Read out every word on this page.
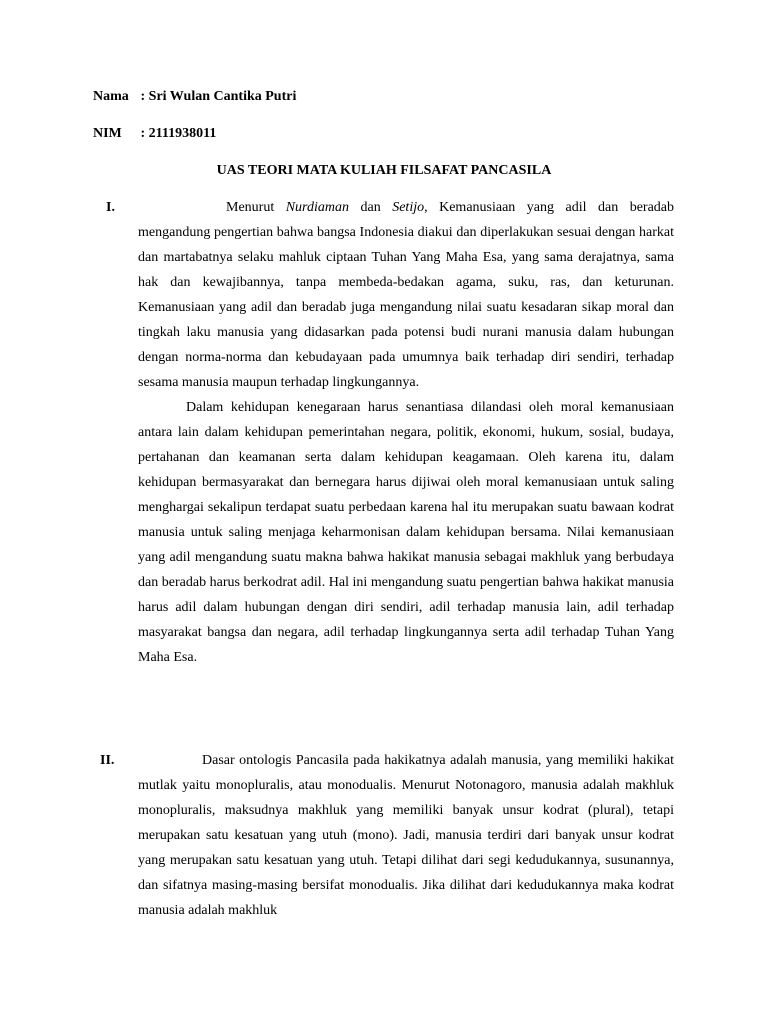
Nama : Sri Wulan Cantika Putri
NIM : 2111938011
UAS TEORI MATA KULIAH FILSAFAT PANCASILA
I.	Menurut Nurdiaman dan Setijo, Kemanusiaan yang adil dan beradab mengandung pengertian bahwa bangsa Indonesia diakui dan diperlakukan sesuai dengan harkat dan martabatnya selaku mahluk ciptaan Tuhan Yang Maha Esa, yang sama derajatnya, sama hak dan kewajibannya, tanpa membeda-bedakan agama, suku, ras, dan keturunan. Kemanusiaan yang adil dan beradab juga mengandung nilai suatu kesadaran sikap moral dan tingkah laku manusia yang didasarkan pada potensi budi nurani manusia dalam hubungan dengan norma-norma dan kebudayaan pada umumnya baik terhadap diri sendiri, terhadap sesama manusia maupun terhadap lingkungannya.

Dalam kehidupan kenegaraan harus senantiasa dilandasi oleh moral kemanusiaan antara lain dalam kehidupan pemerintahan negara, politik, ekonomi, hukum, sosial, budaya, pertahanan dan keamanan serta dalam kehidupan keagamaan. Oleh karena itu, dalam kehidupan bermasyarakat dan bernegara harus dijiwai oleh moral kemanusiaan untuk saling menghargai sekalipun terdapat suatu perbedaan karena hal itu merupakan suatu bawaan kodrat manusia untuk saling menjaga keharmonisan dalam kehidupan bersama. Nilai kemanusiaan yang adil mengandung suatu makna bahwa hakikat manusia sebagai makhluk yang berbudaya dan beradab harus berkodrat adil. Hal ini mengandung suatu pengertian bahwa hakikat manusia harus adil dalam hubungan dengan diri sendiri, adil terhadap manusia lain, adil terhadap masyarakat bangsa dan negara, adil terhadap lingkungannya serta adil terhadap Tuhan Yang Maha Esa.

II.	Dasar ontologis Pancasila pada hakikatnya adalah manusia, yang memiliki hakikat mutlak yaitu monopluralis, atau monodualis. Menurut Notonagoro, manusia adalah makhluk monopluralis, maksudnya makhluk yang memiliki banyak unsur kodrat (plural), tetapi merupakan satu kesatuan yang utuh (mono). Jadi, manusia terdiri dari banyak unsur kodrat yang merupakan satu kesatuan yang utuh. Tetapi dilihat dari segi kedudukannya, susunannya, dan sifatnya masing-masing bersifat monodualis. Jika dilihat dari kedudukannya maka kodrat manusia adalah makhluk
